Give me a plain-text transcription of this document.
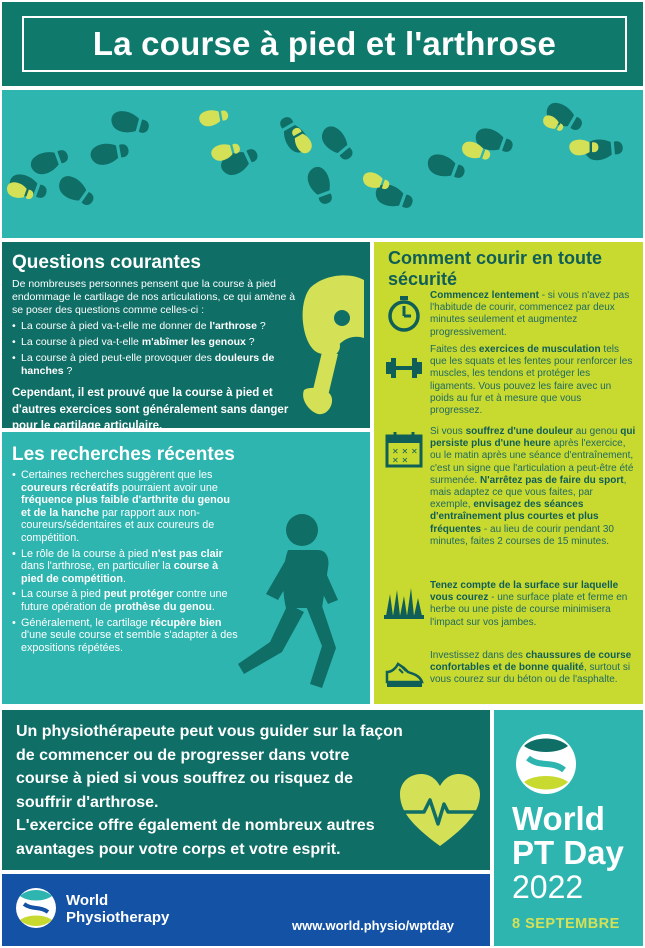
La course à pied et l'arthrose
Questions courantes

De nombreuses personnes pensent que la course à pied endommage le cartilage de nos articulations, ce qui amène à se poser des questions comme celles-ci :

• La course à pied va-t-elle me donner de l'arthrose ?
• La course à pied va-t-elle m'abîmer les genoux ?
• La course à pied peut-elle provoquer des douleurs de hanches ?

Cependant, il est prouvé que la course à pied et d'autres exercices sont généralement sans danger pour le cartilage articulaire.

Les recherches récentes
• Certaines recherches suggèrent que les coureurs récréatifs pourraient avoir une fréquence plus faible d'arthrite du genou et de la hanche par rapport aux non-coureurs/sédentaires et aux coureurs de compétition.
• Le rôle de la course à pied n'est pas clair dans l'arthrose, en particulier la course à pied de compétition.
• La course à pied peut protéger contre une future opération de prothèse du genou.
• Généralement, le cartilage récupère bien d'une seule course et semble s'adapter à des expositions répétées.
Comment courir en toute sécurité
Commencez lentement - si vous n'avez pas l'habitude de courir, commencez par deux minutes seulement et augmentez progressivement.
Faites des exercices de musculation tels que les squats et les fentes pour renforcer les muscles, les tendons et protéger les ligaments. Vous pouvez les faire avec un poids au fur et à mesure que vous progressez.
✕ ✕ ✕
✕ ✕
Si vous souffrez d'une douleur au genou qui persiste plus d'une heure après l'exercice, ou le matin après une séance d'entraînement, c'est un signe que l'articulation a peut-être été surmenée. N'arrêtez pas de faire du sport, mais adaptez ce que vous faites, par exemple, envisagez des séances d'entraînement plus courtes et plus fréquentes - au lieu de courir pendant 30 minutes, faites 2 courses de 15 minutes.
Tenez compte de la surface sur laquelle vous courez - une surface plate et ferme en herbe ou une piste de course minimisera l'impact sur vos jambes.
Investissez dans des chaussures de course confortables et de bonne qualité, surtout si vous courez sur du béton ou de l'asphalte.

Un physiothérapeute peut vous guider sur la façon de commencer ou de progresser dans votre course à pied si vous souffrez ou risquez de souffrir d'arthrose.

L'exercice offre également de nombreux autres avantages pour votre corps et votre esprit.

World
Physiotherapy	www.world.physio/wptday
World
PT Day
2022
8 SEPTEMBRE
